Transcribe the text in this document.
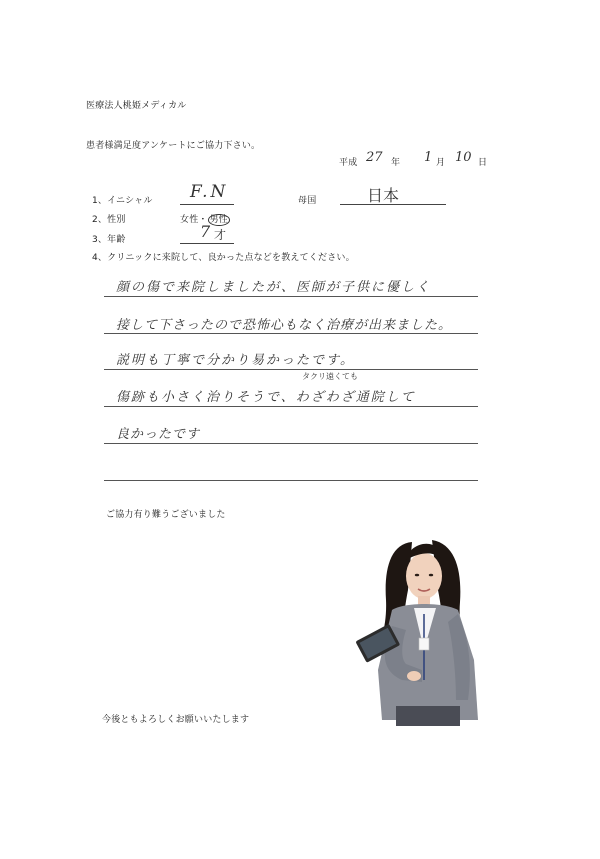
医療法人桃姫メディカル
患者様満足度アンケートにご協力下さい。
平成 27 年 1 月 10 日
1、イニシャル F.N	母国	日本
2、性別	女性・ 男性
3、年齢	7 才
4、クリニックに来院して、良かった点などを教えてください。
顔の傷で来院しましたが、医師が子供に優しく
接して下さったので恐怖心もなく治療が出来ました。
説明も丁寧で分かり易かったです。
タクリ遠くても
傷跡も小さく治りそうで、わざわざ通院して
良かったです
ご協力有り難うございました
今後ともよろしくお願いいたします
